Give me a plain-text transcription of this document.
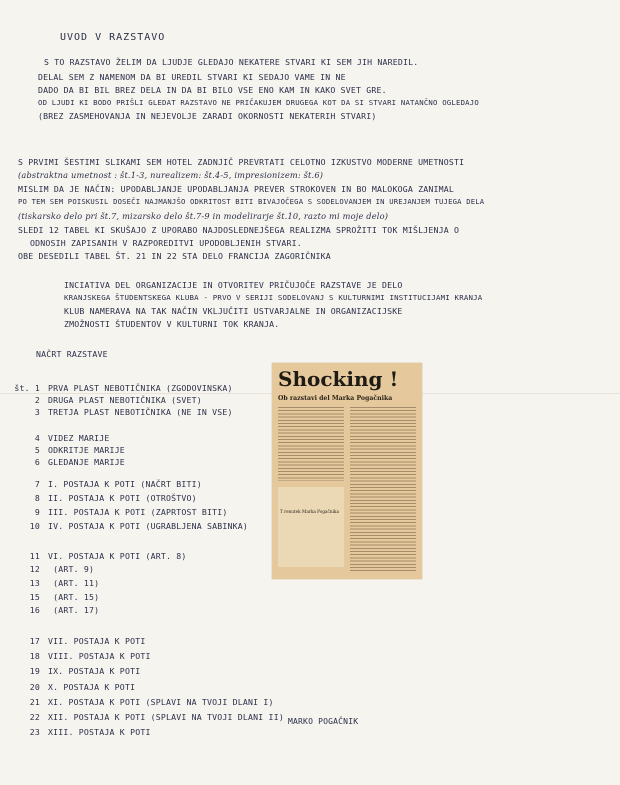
UVOD V RAZSTAVO
S TO RAZSTAVO ŽELIM DA LJUDJE GLEDAJO NEKATERE STVARI KI SEM JIH NAREDIL.
DELAL SEM Z NAMENOM DA BI UREDIL STVARI KI SEDAJO VAME IN NE
DADO DA BI BIL BREZ DELA IN DA BI BILO VSE ENO KAM IN KAKO SVET GRE.
OD LJUDI KI BODO PRIŠLI GLEDAT RAZSTAVO NE PRIČAKUJEM DRUGEGA KOT DA SI STVARI NATANČNO OGLEDAJO
(BREZ ZASMEHOVANJA IN NEJEVOLJE ZARADI OKORNOSTI NEKATERIH STVARI)
S PRVIMI ŠESTIMI SLIKAMI SEM HOTEL ZADNJIČ PREVRTATI CELOTNO IZKUSTVO MODERNE UMETNOSTI
(abstraktna umetnost : št.1-3, nurealizem: št.4-5, impresionizem: št.6)
MISLIM DA JE NAČIN: UPODABLJANJE UPODABLJANJA PREVER STROKOVEN IN BO MALOKOGA ZANIMAL
PO TEM SEM POISKUSIL DOSEČI NAJMANJŠO ODKRITOST BITI BIVAJOČEGA S SODELOVANJEM IN UREJANJEM TUJEGA DELA
(tiskarsko delo pri št.7, mizarsko delo št.7-9 in modelirarje št.10, razto mi moje delo)
SLEDI 12 TABEL KI SKUŠAJO Z UPORABO NAJDOSLEDNEJŠEGA REALIZMA SPROŽITI TOK MIŠLJENJA O
ODNOSIH ZAPISANIH V RAZPOREDITVI UPODOBLJENIH STVARI.
OBE DESEDILI TABEL ŠT. 21 IN 22 STA DELO FRANCIJA ZAGORIČNIKA
INCIATIVA DEL ORGANIZACIJE IN OTVORITEV PRIČUJOČE RAZSTAVE JE DELO
KRANJSKEGA ŠTUDENTSKEGA KLUBA - PRVO V SERIJI SODELOVANJ S KULTURNIMI INSTITUCIJAMI KRANJA
KLUB NAMERAVA NA TAK NAČIN VKLJUČITI USTVARJALNE IN ORGANIZACIJSKE
ZMOŽNOSTI ŠTUDENTOV V KULTURNI TOK KRANJA.
NAČRT RAZSTAVE
št. 1 PRVA PLAST NEBOTIČNIKA (ZGODOVINSKA)
2 DRUGA PLAST NEBOTIČNIKA (SVET)
3 TRETJA PLAST NEBOTIČNIKA (NE IN VSE)
4 VIDEZ MARIJE
5 ODKRITJE MARIJE
6 GLEDANJE MARIJE
7 I. POSTAJA K POTI (NAČRT BITI)
8 II. POSTAJA K POTI (OTROŠTVO)
9 III. POSTAJA K POTI (ZAPRTOST BITI)
10 IV. POSTAJA K POTI (UGRABLJENA SABINKA)
11 VI. POSTAJA K POTI (ART. 8)
12 (ART. 9)
13 (ART. 11)
15 (ART. 15)
16 (ART. 17)
17 VII. POSTAJA K POTI
18 VIII. POSTAJA K POTI
19 IX. POSTAJA K POTI
20 X. POSTAJA K POTI
21 XI. POSTAJA K POTI (SPLAVI NA TVOJI DLANI I)
22 XII. POSTAJA K POTI (SPLAVI NA TVOJI DLANI II)
23 XIII. POSTAJA K POTI
MARKO POGAČNIK
Shocking !
Ob razstavi del Marka Pogačnika
T renutek Marka Pogačnika
